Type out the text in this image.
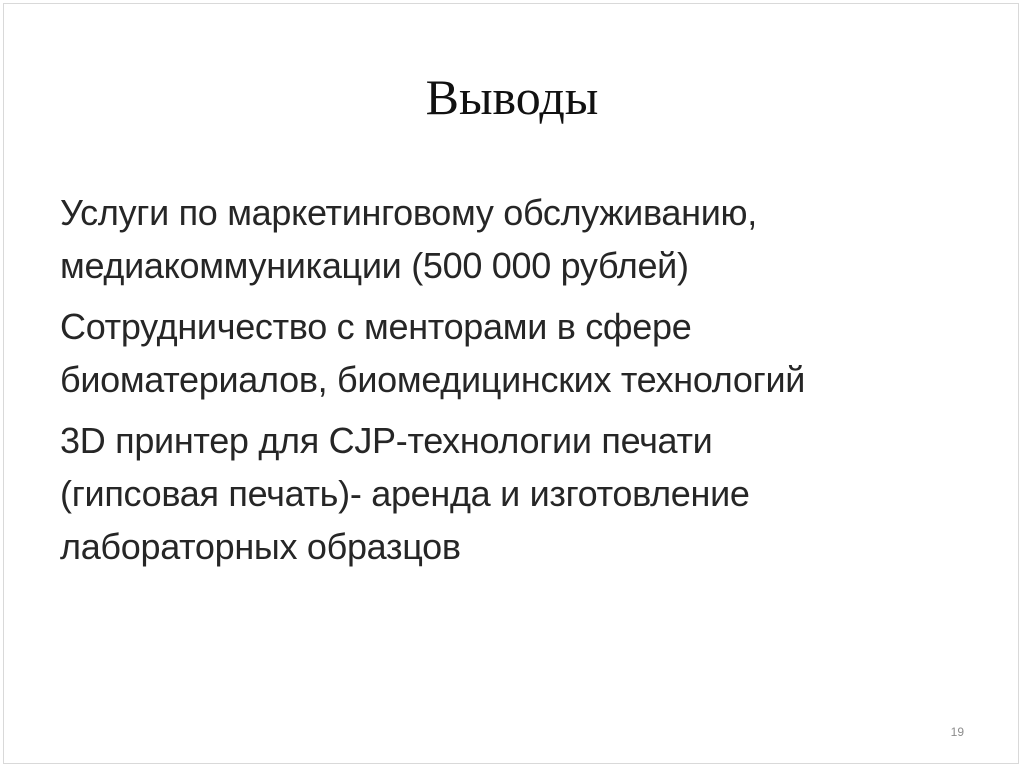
Выводы
Услуги по маркетинговому обслуживанию,
медиакоммуникации (500 000 рублей)
Сотрудничество с менторами в сфере
биоматериалов, биомедицинских технологий
3D принтер для CJP-технологии печати
(гипсовая печать)- аренда и изготовление
лабораторных образцов
19
